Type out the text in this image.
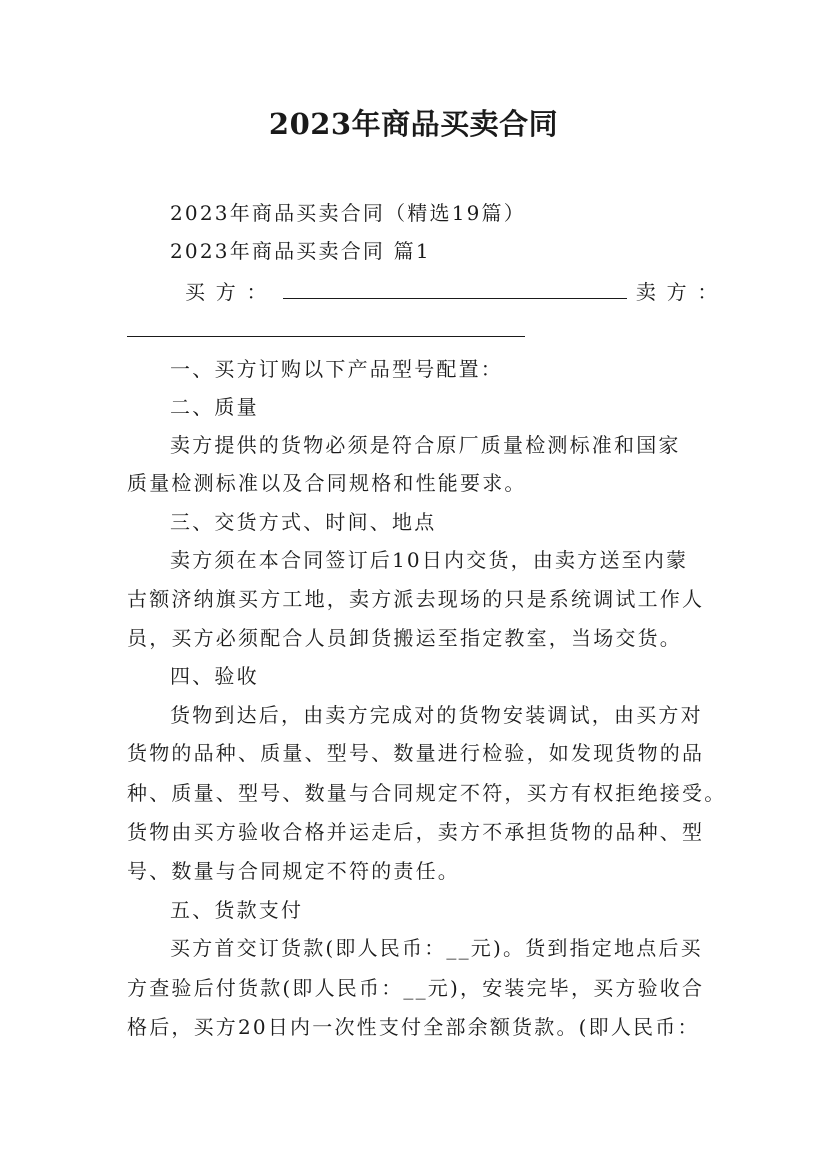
2023年商品买卖合同
2023年商品买卖合同（精选19篇）
2023年商品买卖合同 篇1
买 方 ：	卖 方 ：
一、买方订购以下产品型号配置：
二、质量
卖方提供的货物必须是符合原厂质量检测标准和国家
质量检测标准以及合同规格和性能要求。
三、交货方式、时间、地点
卖方须在本合同签订后10日内交货，由卖方送至内蒙
古额济纳旗买方工地，卖方派去现场的只是系统调试工作人
员，买方必须配合人员卸货搬运至指定教室，当场交货。
四、验收
货物到达后，由卖方完成对的货物安装调试，由买方对
货物的品种、质量、型号、数量进行检验，如发现货物的品
种、质量、型号、数量与合同规定不符，买方有权拒绝接受。
货物由买方验收合格并运走后，卖方不承担货物的品种、型
号、数量与合同规定不符的责任。
五、货款支付
买方首交订货款(即人民币：__元)。货到指定地点后买
方查验后付货款(即人民币：__元)，安装完毕，买方验收合
格后，买方20日内一次性支付全部余额货款。(即人民币：
